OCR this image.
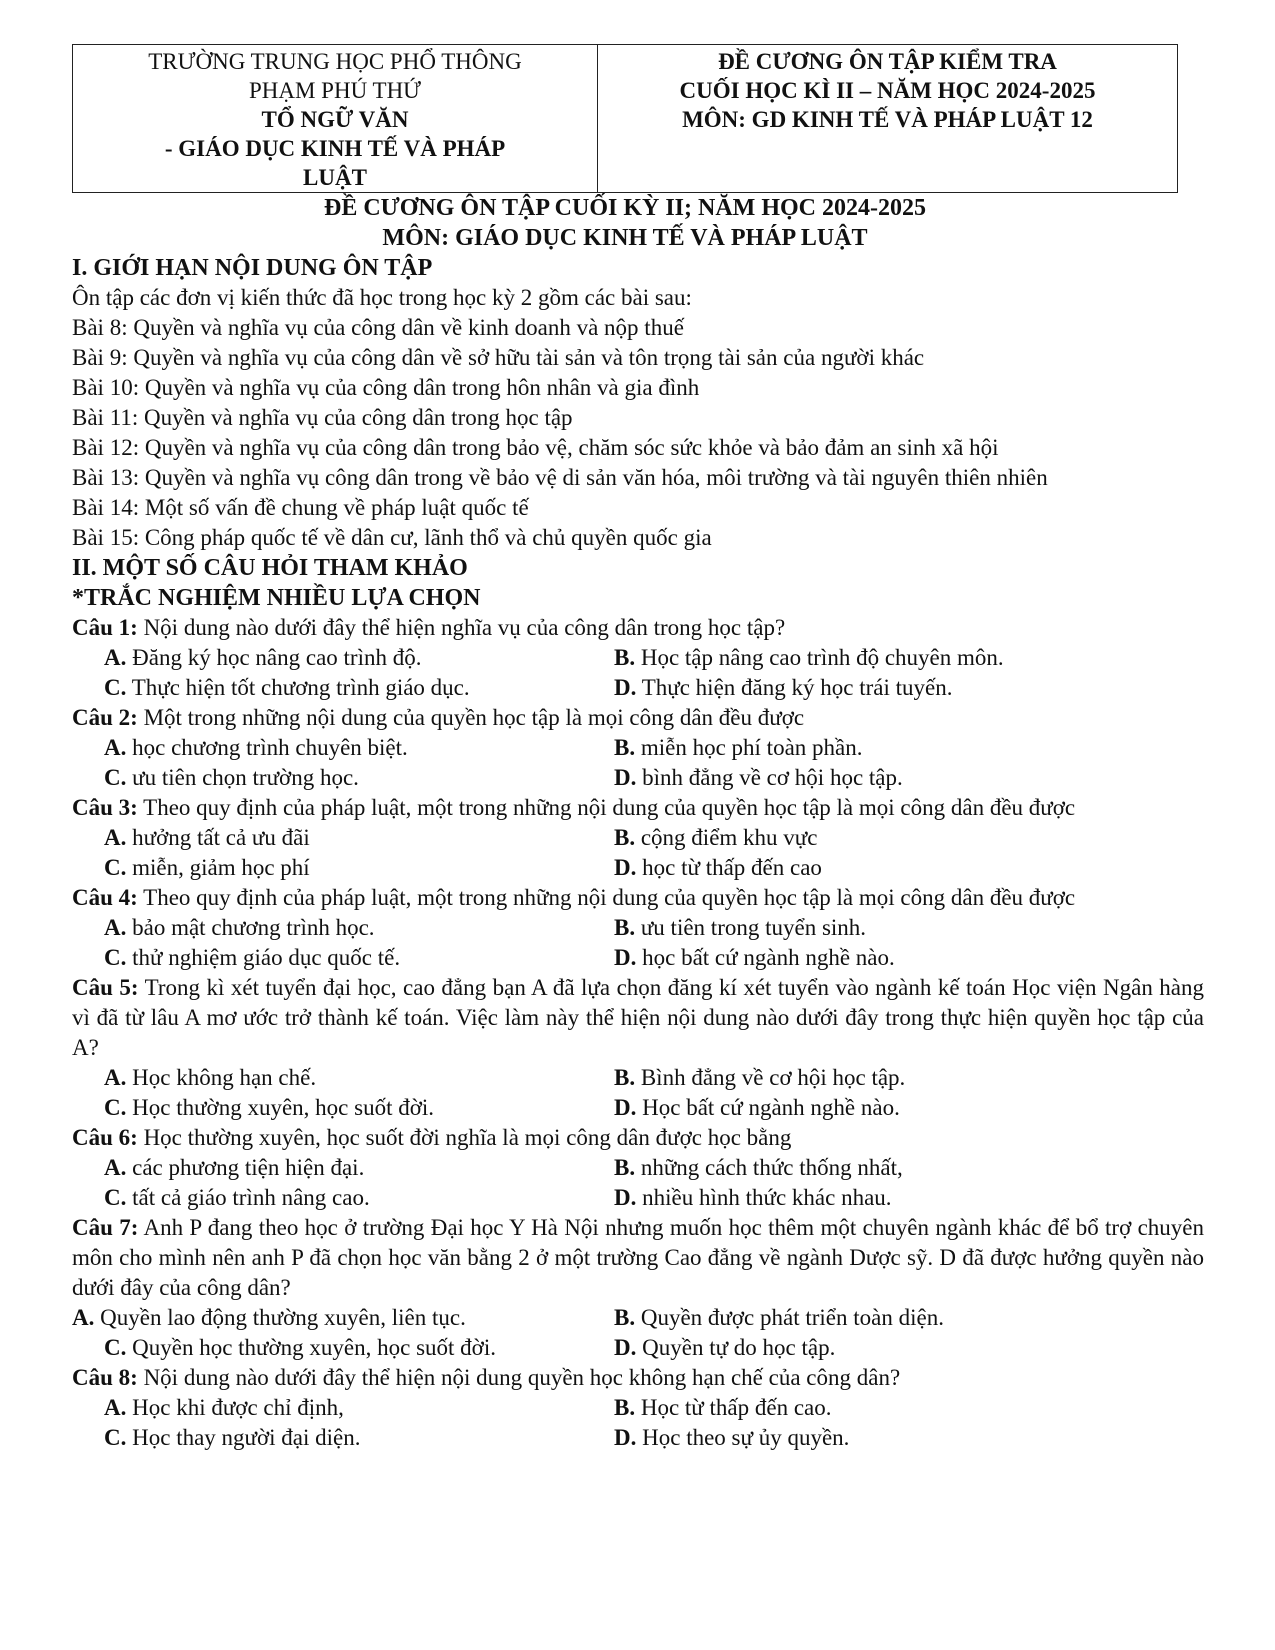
TRƯỜNG TRUNG HỌC PHỔ THÔNG
PHẠM PHÚ THỨ
TỔ NGỮ VĂN
- GIÁO DỤC KINH TẾ VÀ PHÁP
LUẬT

ĐỀ CƯƠNG ÔN TẬP KIỂM TRA
CUỐI HỌC KÌ II – NĂM HỌC 2024-2025
MÔN: GD KINH TẾ VÀ PHÁP LUẬT 12
ĐỀ CƯƠNG ÔN TẬP CUỐI KỲ II; NĂM HỌC 2024-2025
MÔN: GIÁO DỤC KINH TẾ VÀ PHÁP LUẬT
I. GIỚI HẠN NỘI DUNG ÔN TẬP
Ôn tập các đơn vị kiến thức đã học trong học kỳ 2 gồm các bài sau:
Bài 8: Quyền và nghĩa vụ của công dân về kinh doanh và nộp thuế
Bài 9: Quyền và nghĩa vụ của công dân về sở hữu tài sản và tôn trọng tài sản của người khác
Bài 10: Quyền và nghĩa vụ của công dân trong hôn nhân và gia đình
Bài 11: Quyền và nghĩa vụ của công dân trong học tập
Bài 12: Quyền và nghĩa vụ của công dân trong bảo vệ, chăm sóc sức khỏe và bảo đảm an sinh xã hội
Bài 13: Quyền và nghĩa vụ công dân trong về bảo vệ di sản văn hóa, môi trường và tài nguyên thiên nhiên
Bài 14: Một số vấn đề chung về pháp luật quốc tế
Bài 15: Công pháp quốc tế về dân cư, lãnh thổ và chủ quyền quốc gia
II. MỘT SỐ CÂU HỎI THAM KHẢO
*TRẮC NGHIỆM NHIỀU LỰA CHỌN
Câu 1: Nội dung nào dưới đây thể hiện nghĩa vụ của công dân trong học tập?
A. Đăng ký học nâng cao trình độ.	B. Học tập nâng cao trình độ chuyên môn.
C. Thực hiện tốt chương trình giáo dục.	D. Thực hiện đăng ký học trái tuyến.
Câu 2: Một trong những nội dung của quyền học tập là mọi công dân đều được
A. học chương trình chuyên biệt.	B. miễn học phí toàn phần.
C. ưu tiên chọn trường học.	D. bình đẳng về cơ hội học tập.
Câu 3: Theo quy định của pháp luật, một trong những nội dung của quyền học tập là mọi công dân đều được
A. hưởng tất cả ưu đãi	B. cộng điểm khu vực
C. miễn, giảm học phí	D. học từ thấp đến cao
Câu 4: Theo quy định của pháp luật, một trong những nội dung của quyền học tập là mọi công dân đều được
A. bảo mật chương trình học.	B. ưu tiên trong tuyển sinh.
C. thử nghiệm giáo dục quốc tế.	D. học bất cứ ngành nghề nào.
Câu 5: Trong kì xét tuyển đại học, cao đẳng bạn A đã lựa chọn đăng kí xét tuyển vào ngành kế toán Học viện Ngân hàng vì đã từ lâu A mơ ước trở thành kế toán. Việc làm này thể hiện nội dung nào dưới đây trong thực hiện quyền học tập của A?
A. Học không hạn chế.	B. Bình đẳng về cơ hội học tập.
C. Học thường xuyên, học suốt đời.	D. Học bất cứ ngành nghề nào.
Câu 6: Học thường xuyên, học suốt đời nghĩa là mọi công dân được học bằng
A. các phương tiện hiện đại.	B. những cách thức thống nhất,
C. tất cả giáo trình nâng cao.	D. nhiều hình thức khác nhau.
Câu 7: Anh P đang theo học ở trường Đại học Y Hà Nội nhưng muốn học thêm một chuyên ngành khác để bổ trợ chuyên môn cho mình nên anh P đã chọn học văn bằng 2 ở một trường Cao đẳng về ngành Dược sỹ. D đã được hưởng quyền nào dưới đây của công dân?
A. Quyền lao động thường xuyên, liên tục.	B. Quyền được phát triển toàn diện.
C. Quyền học thường xuyên, học suốt đời.	D. Quyền tự do học tập.
Câu 8: Nội dung nào dưới đây thể hiện nội dung quyền học không hạn chế của công dân?
A. Học khi được chỉ định,	B. Học từ thấp đến cao.
C. Học thay người đại diện.	D. Học theo sự ủy quyền.
